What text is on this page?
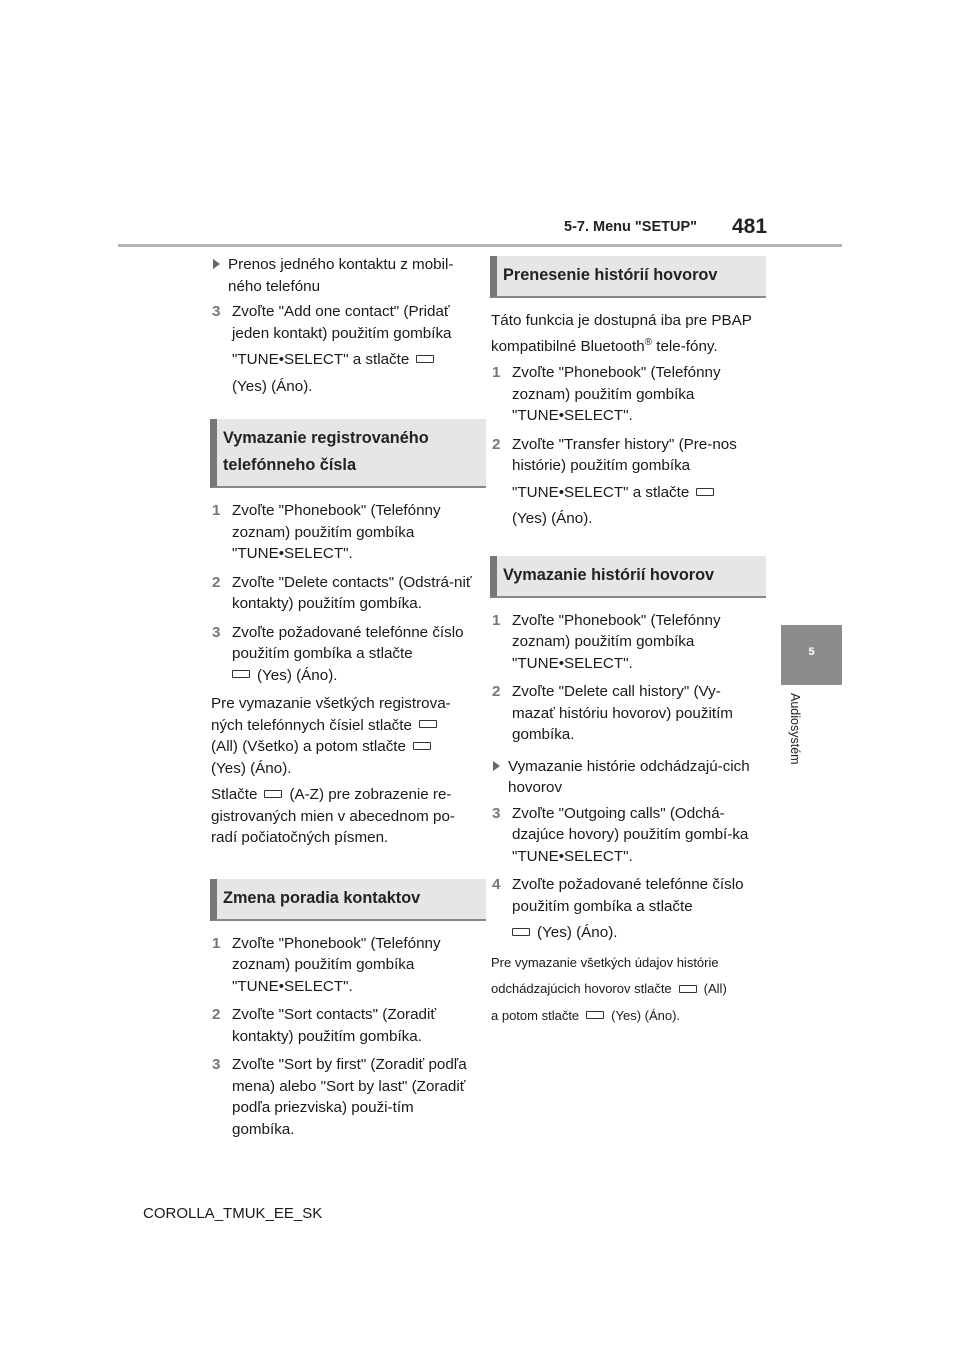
5-7. Menu "SETUP" 481
5
Audiosystém
Prenos jedného kontaktu z mobil-ného telefónu
3 Zvoľte "Add one contact" (Pridať jeden kontakt) použitím gombíka
"TUNE•SELECT" a stlačte
(Yes) (Áno).
Vymazanie registrovaného
telefónneho čísla
1 Zvoľte "Phonebook" (Telefónny zoznam) použitím gombíka "TUNE•SELECT".
2 Zvoľte "Delete contacts" (Odstrá-niť kontakty) použitím gombíka.
3 Zvoľte požadované telefónne číslo použitím gombíka a stlačte
(Yes) (Áno).

Pre vymazanie všetkých registrova-ných telefónnych čísiel stlačte (All) (Všetko) a potom stlačte (Yes) (Áno).

Stlačte (A-Z) pre zobrazenie re-gistrovaných mien v abecednom po-radí počiatočných písmen.

Zmena poradia kontaktov
1 Zvoľte "Phonebook" (Telefónny zoznam) použitím gombíka "TUNE•SELECT".
2 Zvoľte "Sort contacts" (Zoradiť kontakty) použitím gombíka.
3 Zvoľte "Sort by first" (Zoradiť podľa mena) alebo "Sort by last" (Zoradiť podľa priezviska) použi-tím gombíka.
Prenesenie histórií hovorov

Táto funkcia je dostupná iba pre PBAP kompatibilné Bluetooth® tele-fóny.

1 Zvoľte "Phonebook" (Telefónny zoznam) použitím gombíka "TUNE•SELECT".
2 Zvoľte "Transfer history" (Pre-nos histórie) použitím gombíka
"TUNE•SELECT" a stlačte
(Yes) (Áno).
Vymazanie histórií hovorov
1 Zvoľte "Phonebook" (Telefónny zoznam) použitím gombíka "TUNE•SELECT".
2 Zvoľte "Delete call history" (Vy-mazať históriu hovorov) použitím gombíka.
Vymazanie histórie odchádzajú-cich hovorov
3 Zvoľte "Outgoing calls" (Odchá-dzajúce hovory) použitím gombí-ka "TUNE•SELECT".
4 Zvoľte požadované telefónne číslo použitím gombíka a stlačte
(Yes) (Áno).

Pre vymazanie všetkých údajov histórie

odchádzajúcich hovorov stlačte (All)

a potom stlačte (Yes) (Áno).

COROLLA_TMUK_EE_SK
